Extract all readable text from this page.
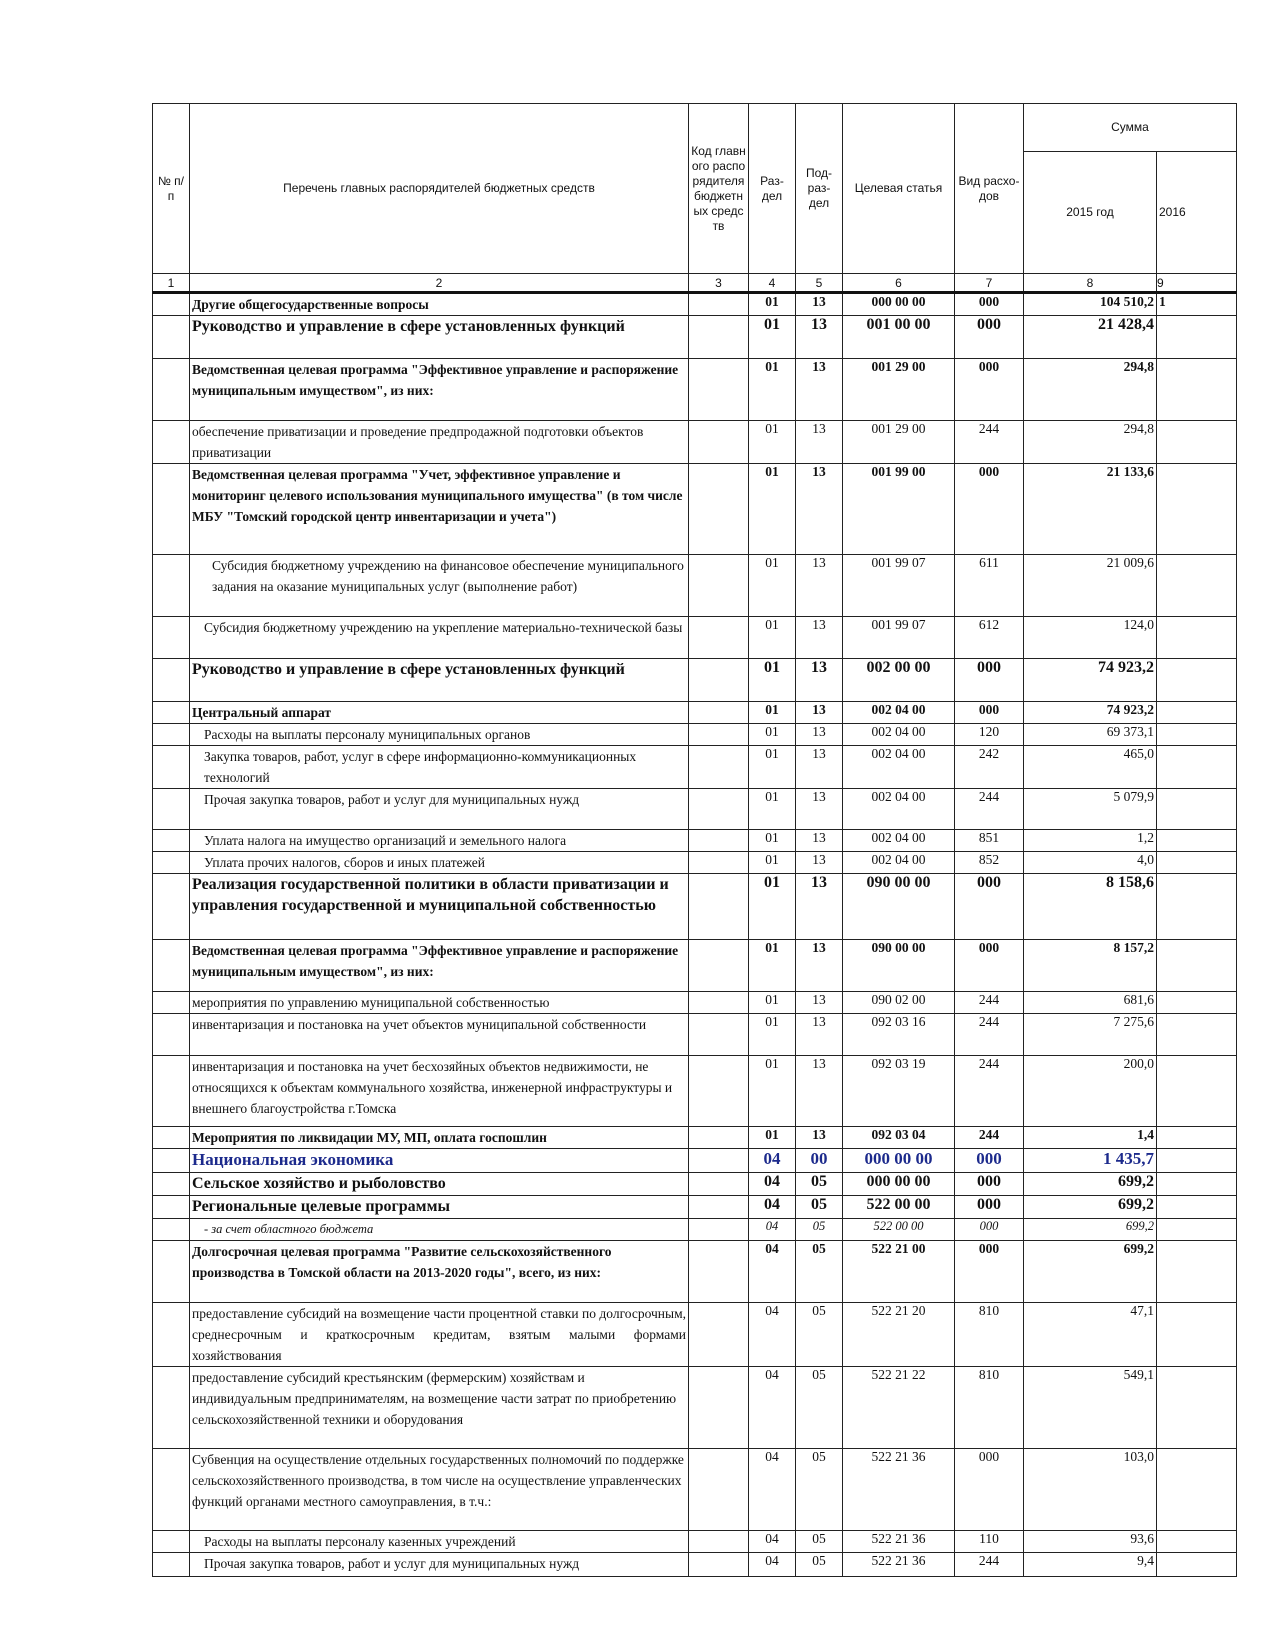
№ п/п	Перечень главных распорядителей бюджетных средств	Код главного распорядителя бюджетных средств	Раз-дел	Под-раз-дел	Целевая статья	Вид расхо-дов	Сумма	
							2015 год	2016
1	2	3	4	5	6	7	8	9
	Другие общегосударственные вопросы		01	13	000 00 00	000	104 510,2	1
	Руководство и управление в сфере установленных функций		01	13	001 00 00	000	21 428,4	
	Ведомственная целевая программа "Эффективное управление и распоряжение муниципальным имуществом", из них:		01	13	001 29 00	000	294,8	
	обеспечение приватизации и проведение предпродажной подготовки объектов приватизации		01	13	001 29 00	244	294,8	
	Ведомственная целевая программа "Учет, эффективное управление и мониторинг целевого использования муниципального имущества" (в том числе МБУ "Томский городской центр инвентаризации и учета")		01	13	001 99 00	000	21 133,6	
	Субсидия бюджетному учреждению на финансовое обеспечение муниципального задания на оказание муниципальных услуг (выполнение работ)		01	13	001 99 07	611	21 009,6	
	Субсидия бюджетному учреждению на укрепление материально-технической базы		01	13	001 99 07	612	124,0	
	Руководство и управление в сфере установленных функций		01	13	002 00 00	000	74 923,2	
	Центральный аппарат		01	13	002 04 00	000	74 923,2	
	Расходы на выплаты персоналу муниципальных органов		01	13	002 04 00	120	69 373,1	
	Закупка товаров, работ, услуг в сфере информационно-коммуникационных технологий		01	13	002 04 00	242	465,0	
	Прочая закупка товаров, работ и услуг для муниципальных нужд		01	13	002 04 00	244	5 079,9	
	Уплата налога на имущество организаций и земельного налога		01	13	002 04 00	851	1,2	
	Уплата прочих налогов, сборов и иных платежей		01	13	002 04 00	852	4,0	
	Реализация государственной политики в области приватизации и управления государственной и муниципальной собственностью		01	13	090 00 00	000	8 158,6	
	Ведомственная целевая программа "Эффективное управление и распоряжение муниципальным имуществом", из них:		01	13	090 00 00	000	8 157,2	
	мероприятия по управлению муниципальной собственностью		01	13	090 02 00	244	681,6	
	инвентаризация и постановка на учет объектов муниципальной собственности		01	13	092 03 16	244	7 275,6	
	инвентаризация и постановка на учет бесхозяйных объектов недвижимости, не относящихся к объектам коммунального хозяйства, инженерной инфраструктуры и внешнего благоустройства г.Томска		01	13	092 03 19	244	200,0	
	Мероприятия по ликвидации МУ, МП, оплата госпошлин		01	13	092 03 04	244	1,4	
	Национальная экономика		04	00	000 00 00	000	1 435,7	
	Сельское хозяйство и рыболовство		04	05	000 00 00	000	699,2	
	Региональные целевые программы		04	05	522 00 00	000	699,2	
	- за счет областного бюджета		04	05	522 00 00	000	699,2	
	Долгосрочная целевая программа "Развитие сельскохозяйственного производства в Томской области на 2013-2020 годы", всего, из них:		04	05	522 21 00	000	699,2	
	предоставление субсидий на возмещение части процентной ставки по долгосрочным, среднесрочным и краткосрочным кредитам, взятым малыми формами хозяйствования		04	05	522 21 20	810	47,1	
	предоставление субсидий крестьянским (фермерским) хозяйствам и индивидуальным предпринимателям, на возмещение части затрат по приобретению сельскохозяйственной техники и оборудования		04	05	522 21 22	810	549,1	
	Субвенция на осуществление отдельных государственных полномочий по поддержке сельскохозяйственного производства, в том числе на осуществление управленческих функций органами местного самоуправления, в т.ч.:		04	05	522 21 36	000	103,0	
	Расходы на выплаты персоналу казенных учреждений		04	05	522 21 36	110	93,6	
	Прочая закупка товаров, работ и услуг для муниципальных нужд		04	05	522 21 36	244	9,4	
